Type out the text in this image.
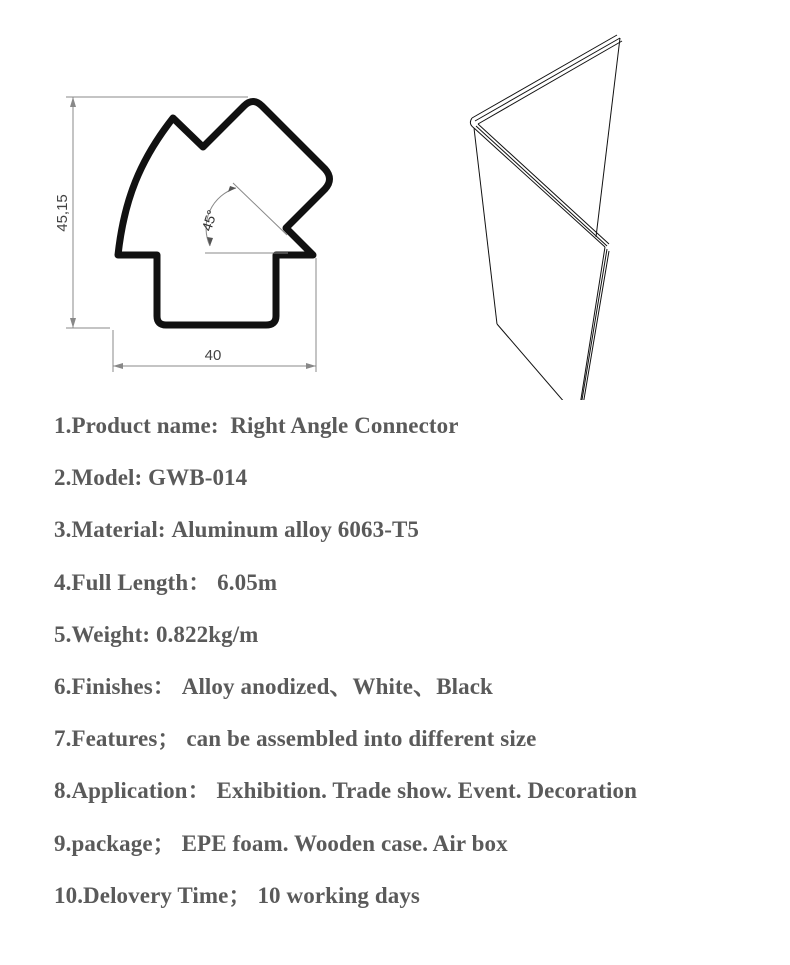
45,15
40
45°
1.Product name: Right Angle Connector
2.Model: GWB-014
3.Material: Aluminum alloy 6063-T5
4.Full Length： 6.05m
5.Weight: 0.822kg/m
6.Finishes： Alloy anodized、White、Black
7.Features； can be assembled into different size
8.Application： Exhibition. Trade show. Event. Decoration
9.package； EPE foam. Wooden case. Air box
10.Delovery Time； 10 working days
